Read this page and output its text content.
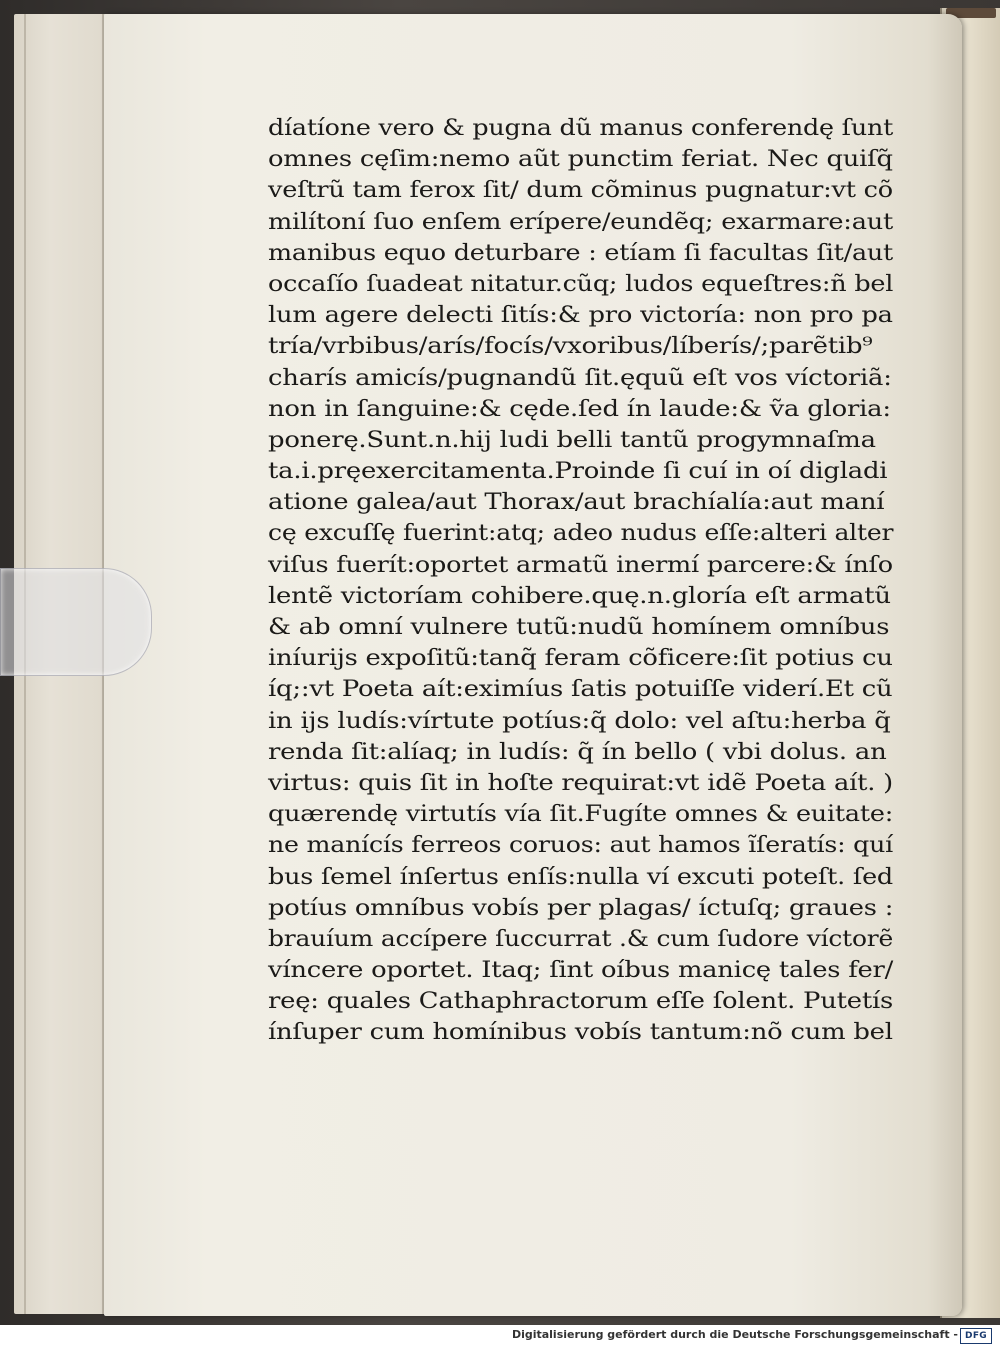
díatíone vero & pugna dũ manus conferendę ſunt
omnes cęſim:nemo aũt punctim feriat. Nec quiſq̃
veſtrũ tam ferox ſit/ dum cõminus pugnatur:vt cõ
milítoní ſuo enſem erípere/eundẽq; exarmare:aut
manibus equo deturbare : etíam ſi facultas ſit/aut
occaſío ſuadeat nitatur.cũq; ludos equeſtres:ñ bel
lum agere delecti ſitís:& pro victoría: non pro pa
tría/vrbibus/arís/focís/vxoribus/líberís/;parẽtib⁹
charís amicís/pugnandũ ſit.ęquũ eſt vos víctoriã:
non in ſanguine:& cęde.ſed ín laude:& ṽa gloria:
ponerę.Sunt.n.hij ludi belli tantũ progymnaſma
ta.i.pręexercitamenta.Proinde ſi cuí in oí digladi
atione galea/aut Thorax/aut brachíalía:aut maní
cę excuſſę fuerint:atq; adeo nudus eſſe:alteri alter
viſus fuerít:oportet armatũ inermí parcere:& ínſo
lentẽ victoríam cohibere.quę.n.gloría eſt armatũ
& ab omní vulnere tutũ:nudũ homínem omníbus
iníurijs expoſitũ:tanq̃ feram cõficere:ſit potius cu
íq;:vt Poeta aít:eximíus ſatis potuiſſe viderí.Et cũ
in ijs ludís:vírtute potíus:q̃ dolo: vel aſtu:herba q̃
renda ſit:alíaq; in ludís: q̃ ín bello ( vbi dolus. an
virtus: quis ſit in hoſte requirat:vt idẽ Poeta aít. )
quærendę virtutís vía ſit.Fugíte omnes & euitate:
ne manícís ferreos coruos: aut hamos ĩſeratís: quí
bus ſemel ínſertus enſís:nulla ví excuti poteſt. ſed
potíus omníbus vobís per plagas/ íctuſq; graues :
brauíum accípere ſuccurrat .& cum ſudore víctorẽ
víncere oportet. Itaq; ſint oíbus manicę tales fer/
reę: quales Cathaphractorum eſſe ſolent. Putetís
ínſuper cum homínibus vobís tantum:nõ cum bel
Digitalisierung gefördert durch die Deutsche Forschungsgemeinschaft - DFG
